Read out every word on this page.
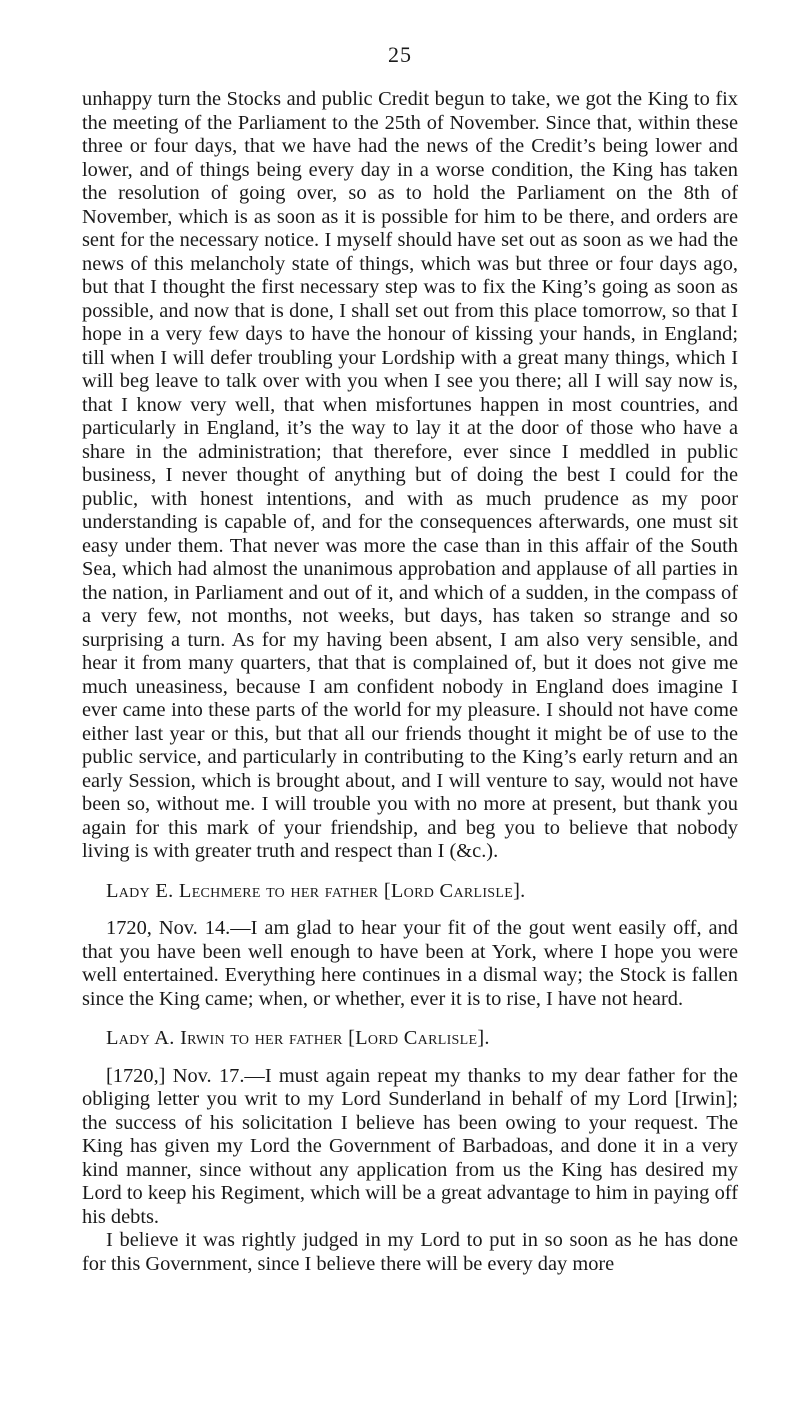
25

unhappy turn the Stocks and public Credit begun to take, we got the King to fix the meeting of the Parliament to the 25th of November. Since that, within these three or four days, that we have had the news of the Credit’s being lower and lower, and of things being every day in a worse condition, the King has taken the resolution of going over, so as to hold the Parliament on the 8th of November, which is as soon as it is possible for him to be there, and orders are sent for the necessary notice. I myself should have set out as soon as we had the news of this melancholy state of things, which was but three or four days ago, but that I thought the first necessary step was to fix the King’s going as soon as possible, and now that is done, I shall set out from this place tomorrow, so that I hope in a very few days to have the honour of kissing your hands, in England; till when I will defer troubling your Lordship with a great many things, which I will beg leave to talk over with you when I see you there; all I will say now is, that I know very well, that when misfortunes happen in most countries, and particularly in England, it’s the way to lay it at the door of those who have a share in the administration; that therefore, ever since I meddled in public business, I never thought of anything but of doing the best I could for the public, with honest intentions, and with as much prudence as my poor understanding is capable of, and for the consequences afterwards, one must sit easy under them. That never was more the case than in this affair of the South Sea, which had almost the unanimous approbation and applause of all parties in the nation, in Parliament and out of it, and which of a sudden, in the compass of a very few, not months, not weeks, but days, has taken so strange and so surprising a turn. As for my having been absent, I am also very sensible, and hear it from many quarters, that that is complained of, but it does not give me much uneasiness, because I am confident nobody in England does imagine I ever came into these parts of the world for my pleasure. I should not have come either last year or this, but that all our friends thought it might be of use to the public service, and particularly in contributing to the King’s early return and an early Session, which is brought about, and I will venture to say, would not have been so, without me. I will trouble you with no more at present, but thank you again for this mark of your friendship, and beg you to believe that nobody living is with greater truth and respect than I (&c.).

Lady E. Lechmere to her father [Lord Carlisle].

1720, Nov. 14.—I am glad to hear your fit of the gout went easily off, and that you have been well enough to have been at York, where I hope you were well entertained. Everything here continues in a dismal way; the Stock is fallen since the King came; when, or whether, ever it is to rise, I have not heard.

Lady A. Irwin to her father [Lord Carlisle].

[1720,] Nov. 17.—I must again repeat my thanks to my dear father for the obliging letter you writ to my Lord Sunderland in behalf of my Lord [Irwin]; the success of his solicitation I believe has been owing to your request. The King has given my Lord the Government of Barbadoas, and done it in a very kind manner, since without any application from us the King has desired my Lord to keep his Regiment, which will be a great advantage to him in paying off his debts.

I believe it was rightly judged in my Lord to put in so soon as he has done for this Government, since I believe there will be every day more
